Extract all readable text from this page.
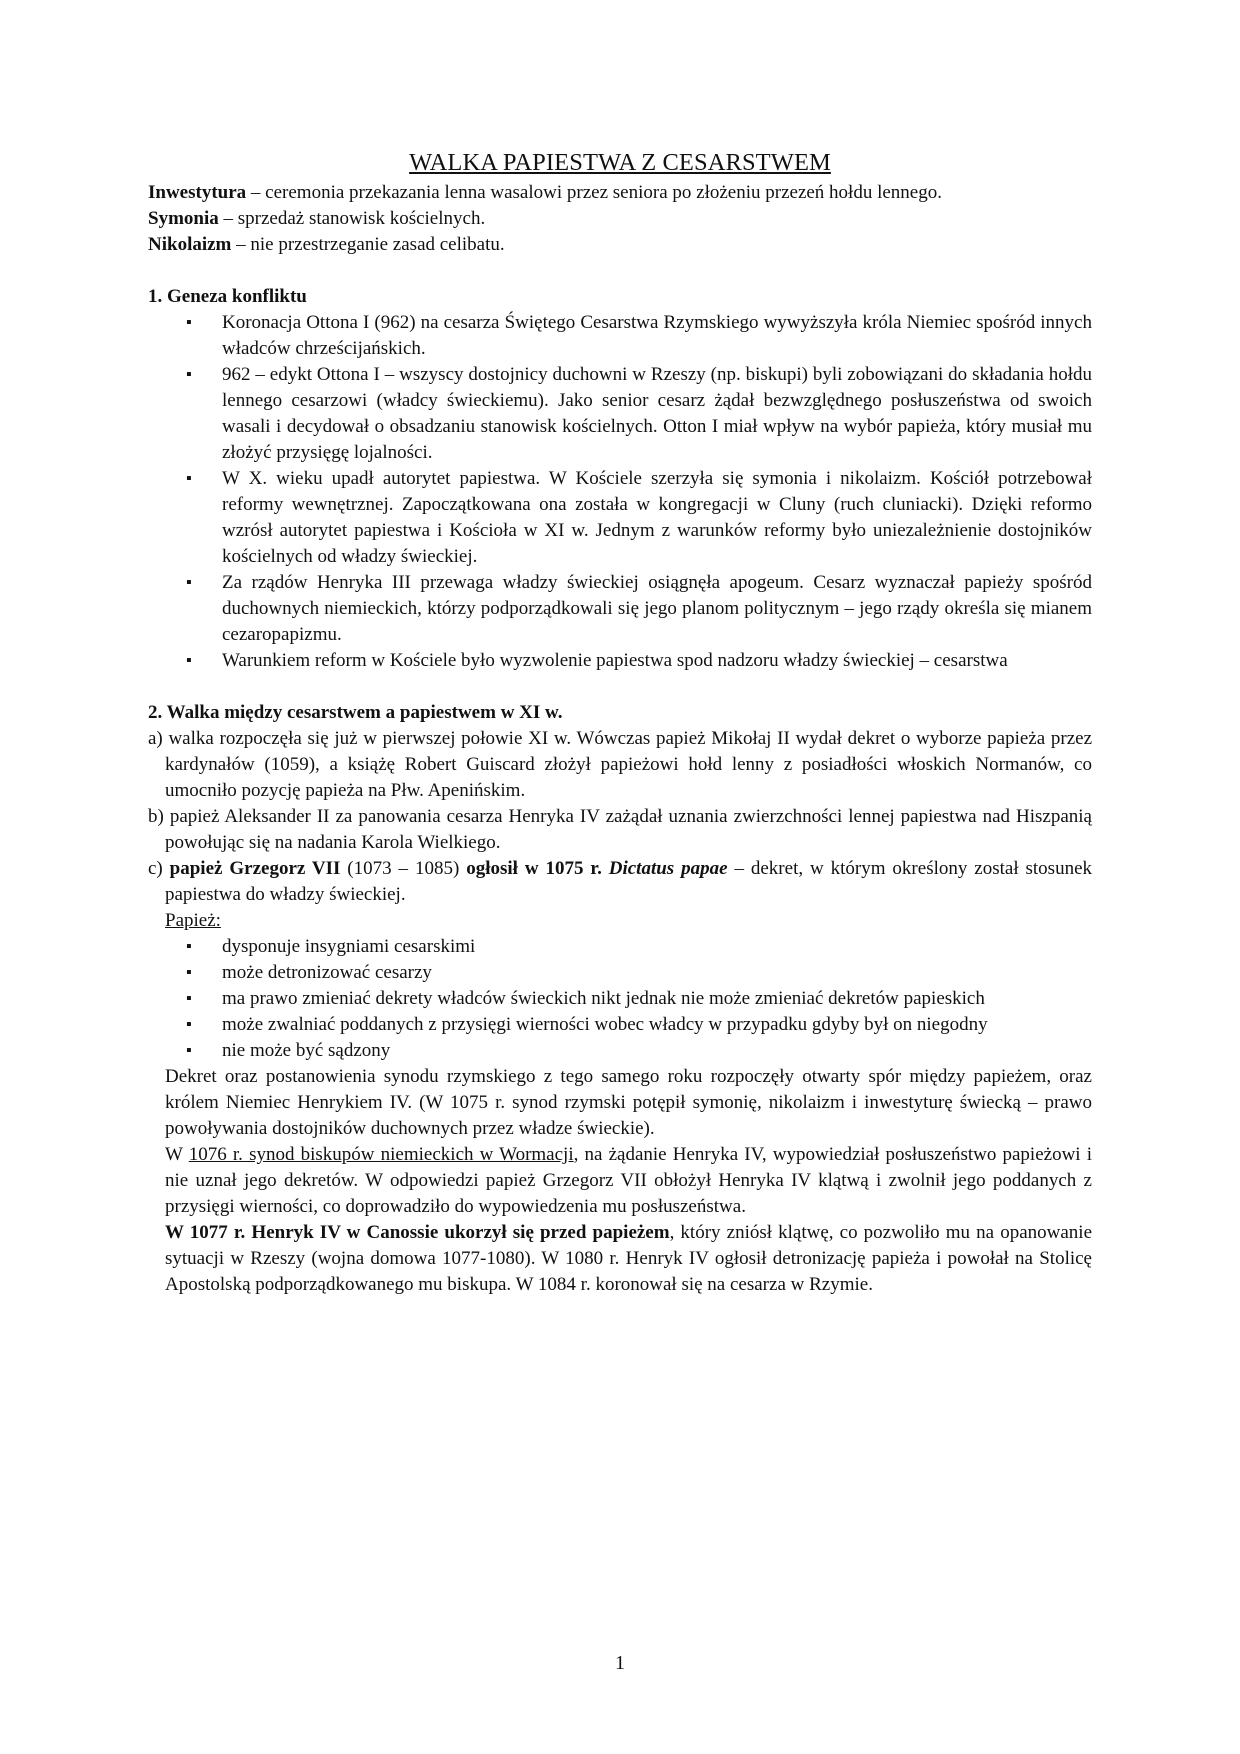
WALKA PAPIESTWA Z CESARSTWEM

Inwestytura – ceremonia przekazania lenna wasalowi przez seniora po złożeniu przezeń hołdu lennego.

Symonia – sprzedaż stanowisk kościelnych.

Nikolaizm – nie przestrzeganie zasad celibatu.

1. Geneza konfliktu

▪ Koronacja Ottona I (962) na cesarza Świętego Cesarstwa Rzymskiego wywyższyła króla Niemiec spośród innych władców chrześcijańskich.
▪ 962 – edykt Ottona I – wszyscy dostojnicy duchowni w Rzeszy (np. biskupi) byli zobowiązani do składania hołdu lennego cesarzowi (władcy świeckiemu). Jako senior cesarz żądał bezwzględnego posłuszeństwa od swoich wasali i decydował o obsadzaniu stanowisk kościelnych. Otton I miał wpływ na wybór papieża, który musiał mu złożyć przysięgę lojalności.
▪ W X. wieku upadł autorytet papiestwa. W Kościele szerzyła się symonia i nikolaizm. Kościół potrzebował reformy wewnętrznej. Zapoczątkowana ona została w kongregacji w Cluny (ruch cluniacki). Dzięki reformo wzrósł autorytet papiestwa i Kościoła w XI w. Jednym z warunków reformy było uniezależnienie dostojników kościelnych od władzy świeckiej.
▪ Za rządów Henryka III przewaga władzy świeckiej osiągnęła apogeum. Cesarz wyznaczał papieży spośród duchownych niemieckich, którzy podporządkowali się jego planom politycznym – jego rządy określa się mianem cezaropapizmu.
▪ Warunkiem reform w Kościele było wyzwolenie papiestwa spod nadzoru władzy świeckiej – cesarstwa

2. Walka między cesarstwem a papiestwem w XI w.

a) walka rozpoczęła się już w pierwszej połowie XI w. Wówczas papież Mikołaj II wydał dekret o wyborze papieża przez kardynałów (1059), a książę Robert Guiscard złożył papieżowi hołd lenny z posiadłości włoskich Normanów, co umocniło pozycję papieża na Płw. Apenińskim.
b) papież Aleksander II za panowania cesarza Henryka IV zażądał uznania zwierzchności lennej papiestwa nad Hiszpanią powołując się na nadania Karola Wielkiego.
c) papież Grzegorz VII (1073 – 1085) ogłosił w 1075 r. Dictatus papae – dekret, w którym określony został stosunek papiestwa do władzy świeckiej.

Papież:

▪ dysponuje insygniami cesarskimi
▪ może detronizować cesarzy
▪ ma prawo zmieniać dekrety władców świeckich nikt jednak nie może zmieniać dekretów papieskich
▪ może zwalniać poddanych z przysięgi wierności wobec władcy w przypadku gdyby był on niegodny
▪ nie może być sądzony

Dekret oraz postanowienia synodu rzymskiego z tego samego roku rozpoczęły otwarty spór między papieżem, oraz królem Niemiec Henrykiem IV. (W 1075 r. synod rzymski potępił symonię, nikolaizm i inwestyturę świecką – prawo powoływania dostojników duchownych przez władze świeckie).

W 1076 r. synod biskupów niemieckich w Wormacji, na żądanie Henryka IV, wypowiedział posłuszeństwo papieżowi i nie uznał jego dekretów. W odpowiedzi papież Grzegorz VII obłożył Henryka IV klątwą i zwolnił jego poddanych z przysięgi wierności, co doprowadziło do wypowiedzenia mu posłuszeństwa.

W 1077 r. Henryk IV w Canossie ukorzył się przed papieżem, który zniósł klątwę, co pozwoliło mu na opanowanie sytuacji w Rzeszy (wojna domowa 1077-1080). W 1080 r. Henryk IV ogłosił detronizację papieża i powołał na Stolicę Apostolską podporządkowanego mu biskupa. W 1084 r. koronował się na cesarza w Rzymie.

1
